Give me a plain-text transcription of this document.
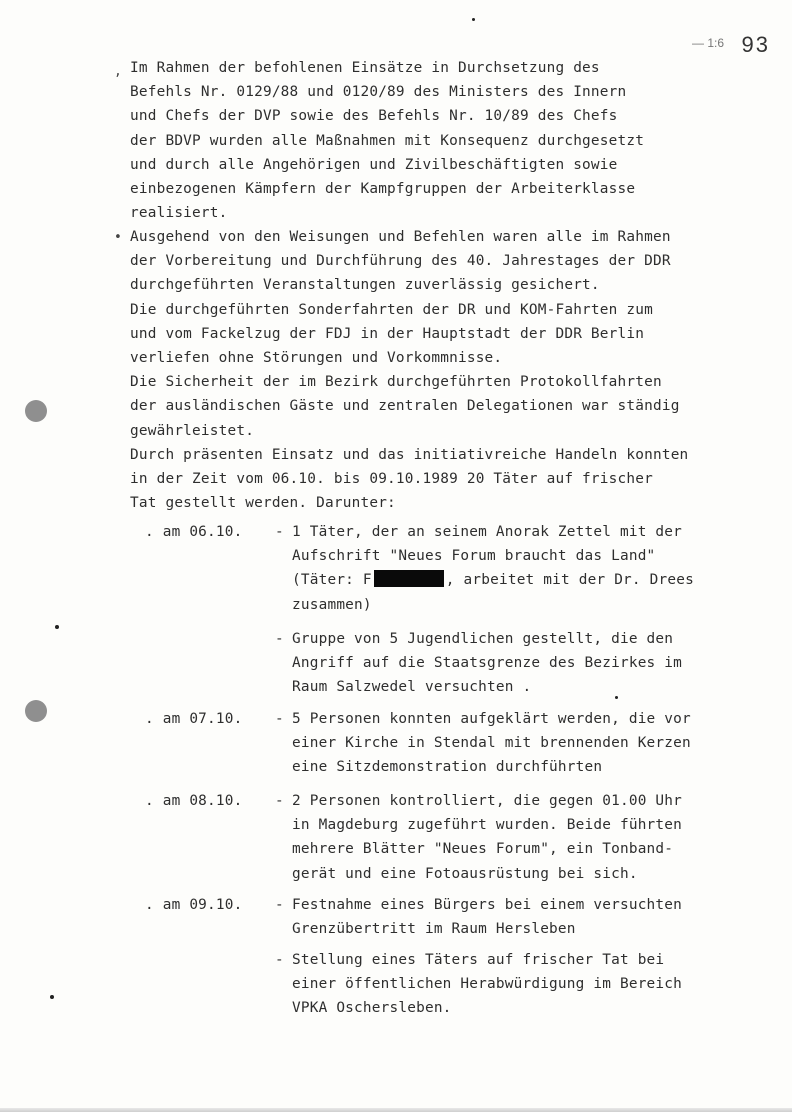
— 1:6 93
, Im Rahmen der befohlenen Einsätze in Durchsetzung des
Befehls Nr. 0129/88 und 0120/89 des Ministers des Innern
und Chefs der DVP sowie des Befehls Nr. 10/89 des Chefs
der BDVP wurden alle Maßnahmen mit Konsequenz durchgesetzt
und durch alle Angehörigen und Zivilbeschäftigten sowie
einbezogenen Kämpfern der Kampfgruppen der Arbeiterklasse
realisiert.
• Ausgehend von den Weisungen und Befehlen waren alle im Rahmen
der Vorbereitung und Durchführung des 40. Jahrestages der DDR
durchgeführten Veranstaltungen zuverlässig gesichert.
Die durchgeführten Sonderfahrten der DR und KOM-Fahrten zum
und vom Fackelzug der FDJ in der Hauptstadt der DDR Berlin
verliefen ohne Störungen und Vorkommnisse.
Die Sicherheit der im Bezirk durchgeführten Protokollfahrten
der ausländischen Gäste und zentralen Delegationen war ständig
gewährleistet.
Durch präsenten Einsatz und das initiativreiche Handeln konnten
in der Zeit vom 06.10. bis 09.10.1989 20 Täter auf frischer
Tat gestellt werden. Darunter:
. am 06.10. - 1 Täter, der an seinem Anorak Zettel mit der
Aufschrift "Neues Forum braucht das Land"
(Täter: F	, arbeitet mit der Dr. Drees
zusammen)
- Gruppe von 5 Jugendlichen gestellt, die den
Angriff auf die Staatsgrenze des Bezirkes im
Raum Salzwedel versuchten .
. am 07.10. - 5 Personen konnten aufgeklärt werden, die vor
einer Kirche in Stendal mit brennenden Kerzen
eine Sitzdemonstration durchführten
. am 08.10. - 2 Personen kontrolliert, die gegen 01.00 Uhr
in Magdeburg zugeführt wurden. Beide führten
mehrere Blätter "Neues Forum", ein Tonband-
gerät und eine Fotoausrüstung bei sich.
. am 09.10. - Festnahme eines Bürgers bei einem versuchten
Grenzübertritt im Raum Hersleben
- Stellung eines Täters auf frischer Tat bei
einer öffentlichen Herabwürdigung im Bereich
VPKA Oschersleben.
